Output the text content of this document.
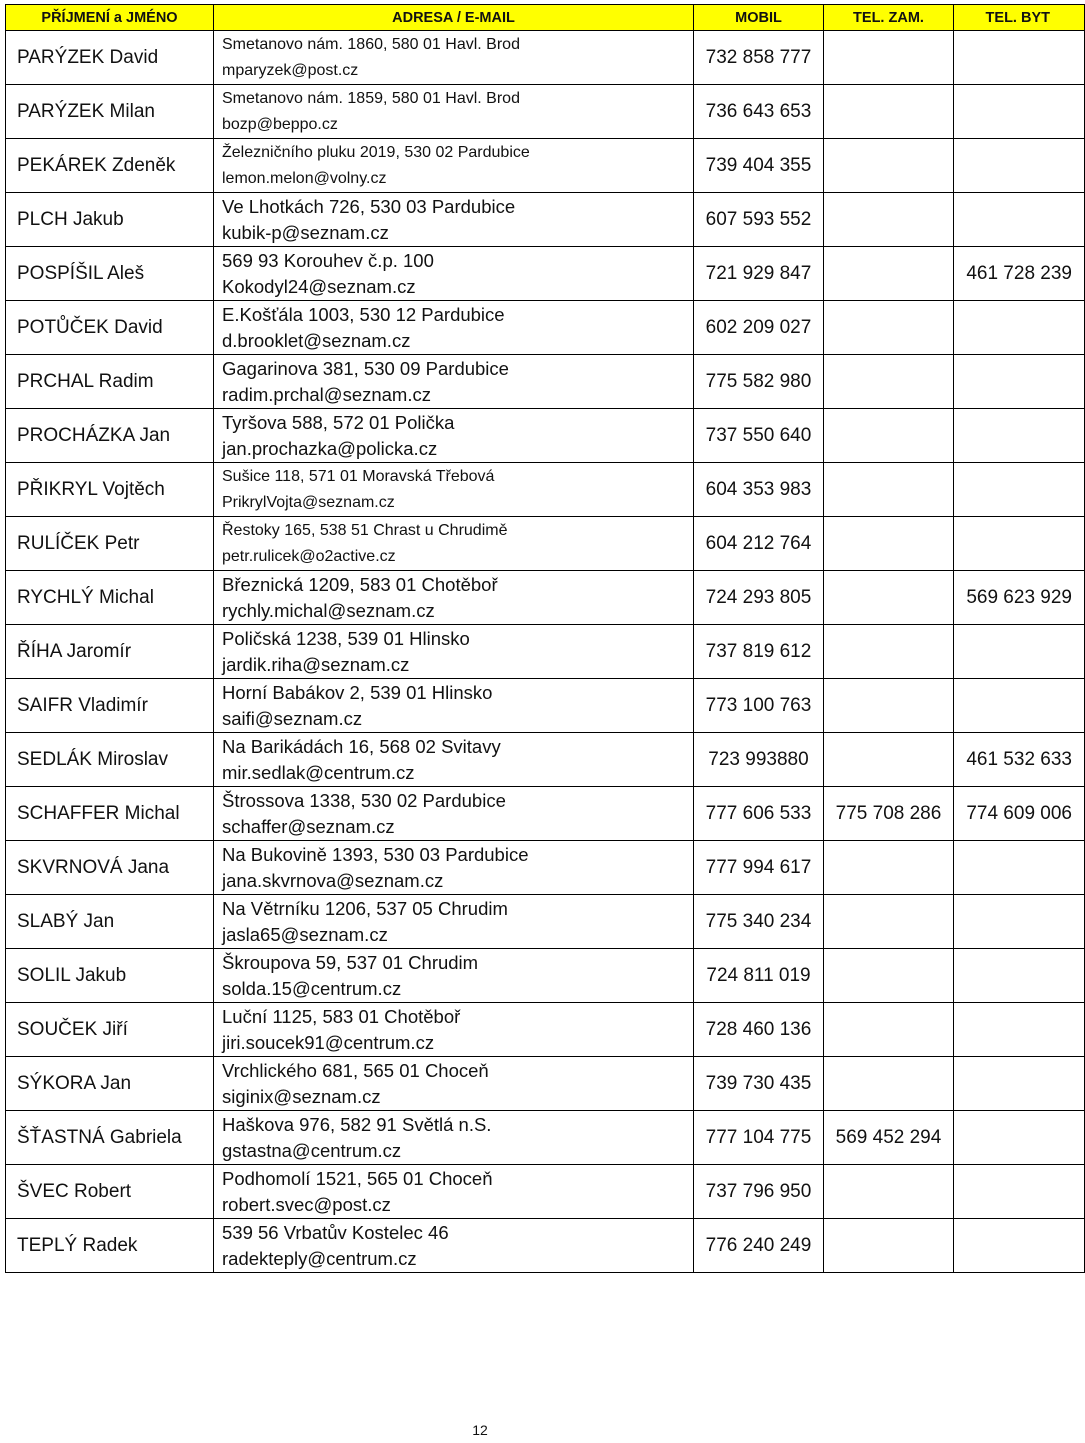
PŘÍJMENÍ a JMÉNO	ADRESA / E-MAIL	MOBIL	TEL. ZAM.	TEL. BYT
PARÝZEK David	Smetanovo nám. 1860, 580 01 Havl. Brod
mparyzek@post.cz	732 858 777		
PARÝZEK Milan	Smetanovo nám. 1859, 580 01 Havl. Brod
bozp@beppo.cz	736 643 653		
PEKÁREK Zdeněk	Železničního pluku 2019, 530 02 Pardubice
lemon.melon@volny.cz	739 404 355		
PLCH Jakub	Ve Lhotkách 726, 530 03 Pardubice
kubik-p@seznam.cz	607 593 552		
POSPÍŠIL Aleš	569 93 Korouhev č.p. 100
Kokodyl24@seznam.cz	721 929 847		461 728 239
POTŮČEK David	E.Košťála 1003, 530 12 Pardubice
d.brooklet@seznam.cz	602 209 027		
PRCHAL Radim	Gagarinova 381, 530 09 Pardubice
radim.prchal@seznam.cz	775 582 980		
PROCHÁZKA Jan	Tyršova 588, 572 01 Polička
jan.prochazka@policka.cz	737 550 640		
PŘIKRYL Vojtěch	Sušice 118, 571 01 Moravská Třebová
PrikrylVojta@seznam.cz	604 353 983		
RULÍČEK Petr	Řestoky 165, 538 51 Chrast u Chrudimě
petr.rulicek@o2active.cz	604 212 764		
RYCHLÝ Michal	Březnická 1209, 583 01 Chotěboř
rychly.michal@seznam.cz	724 293 805		569 623 929
ŘÍHA Jaromír	Poličská 1238, 539 01 Hlinsko
jardik.riha@seznam.cz	737 819 612		
SAIFR Vladimír	Horní Babákov 2, 539 01 Hlinsko
saifi@seznam.cz	773 100 763		
SEDLÁK Miroslav	Na Barikádách 16, 568 02 Svitavy
mir.sedlak@centrum.cz	723 993880		461 532 633
SCHAFFER Michal	Štrossova 1338, 530 02 Pardubice
schaffer@seznam.cz	777 606 533	775 708 286	774 609 006
SKVRNOVÁ Jana	Na Bukovině 1393, 530 03 Pardubice
jana.skvrnova@seznam.cz	777 994 617		
SLABÝ Jan	Na Větrníku 1206, 537 05 Chrudim
jasla65@seznam.cz	775 340 234		
SOLIL Jakub	Škroupova 59, 537 01 Chrudim
solda.15@centrum.cz	724 811 019		
SOUČEK Jiří	Luční 1125, 583 01 Chotěboř
jiri.soucek91@centrum.cz	728 460 136		
SÝKORA Jan	Vrchlického 681, 565 01 Choceň
siginix@seznam.cz	739 730 435		
ŠŤASTNÁ Gabriela	Haškova 976, 582 91 Světlá n.S.
gstastna@centrum.cz	777 104 775	569 452 294	
ŠVEC Robert	Podhomolí 1521, 565 01 Choceň
robert.svec@post.cz	737 796 950		
TEPLÝ Radek	539 56 Vrbatův Kostelec 46
radekteply@centrum.cz	776 240 249		
12
